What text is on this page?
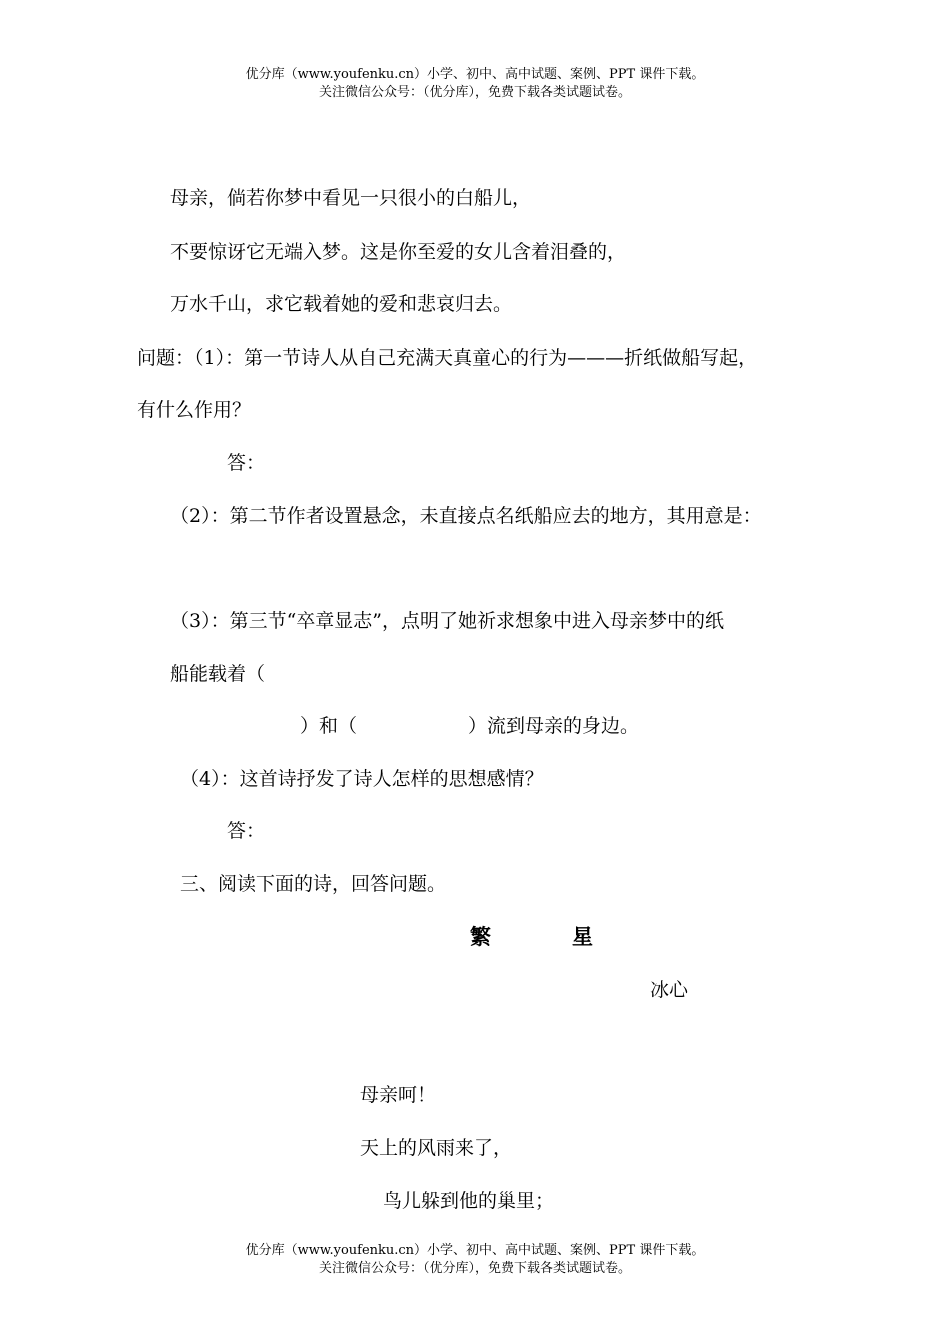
优分库（www.youfenku.cn）小学、初中、高中试题、案例、PPT 课件下载。
关注微信公众号：（优分库），免费下载各类试题试卷。
母亲，倘若你梦中看见一只很小的白船儿，
不要惊讶它无端入梦。这是你至爱的女儿含着泪叠的，
万水千山，求它载着她的爱和悲哀归去。
问题：（1）：第一节诗人从自己充满天真童心的行为———折纸做船写起，
有什么作用？
答：
（2）：第二节作者设置悬念，未直接点名纸船应去的地方，其用意是：
（3）：第三节“卒章显志”，点明了她祈求想象中进入母亲梦中的纸
船能载着（
）和（	）流到母亲的身边。
（4）：这首诗抒发了诗人怎样的思想感情？
答：
三、阅读下面的诗，回答问题。
繁	星
冰心
母亲呵！
天上的风雨来了，
鸟儿躲到他的巢里；
优分库（www.youfenku.cn）小学、初中、高中试题、案例、PPT 课件下载。
关注微信公众号：（优分库），免费下载各类试题试卷。
